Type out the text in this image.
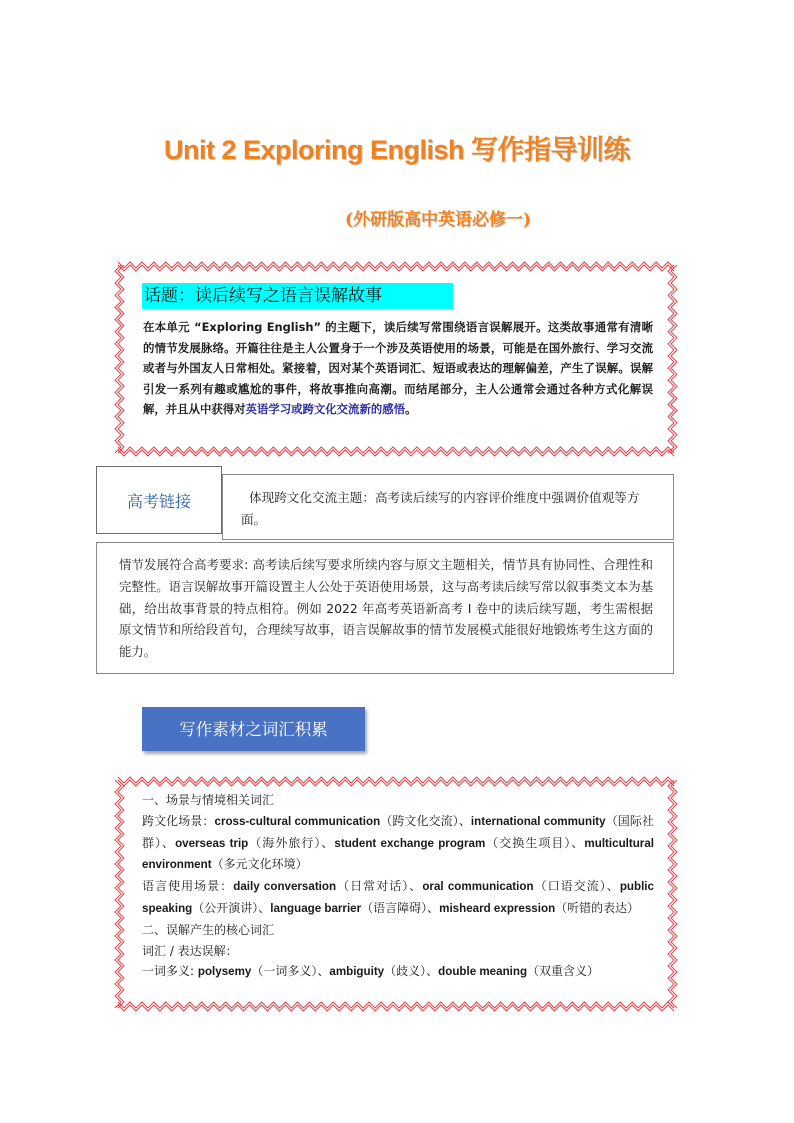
Unit 2 Exploring English 写作指导训练
(外研版高中英语必修一)
话题：读后续写之语言误解故事
在本单元 “Exploring English” 的主题下，读后续写常围绕语言误解展开。这类故事通常有清晰的情节发展脉络。开篇往往是主人公置身于一个涉及英语使用的场景，可能是在国外旅行、学习交流或者与外国友人日常相处。紧接着，因对某个英语词汇、短语或表达的理解偏差，产生了误解。误解引发一系列有趣或尴尬的事件，将故事推向高潮。而结尾部分，主人公通常会通过各种方式化解误解，并且从中获得对英语学习或跨文化交流新的感悟。
高考链接	体现跨文化交流主题：高考读后续写的内容评价维度中强调价值观等方面。
情节发展符合高考要求: 高考读后续写要求所续内容与原文主题相关，情节具有协同性、合理性和完整性。语言误解故事开篇设置主人公处于英语使用场景，这与高考读后续写常以叙事类文本为基础，给出故事背景的特点相符。例如 2022 年高考英语新高考 I 卷中的读后续写题，考生需根据原文情节和所给段首句，合理续写故事，语言误解故事的情节发展模式能很好地锻炼考生这方面的能力。
写作素材之词汇积累

一、场景与情境相关词汇

跨文化场景：cross-cultural communication（跨文化交流）、international community（国际社群）、overseas trip（海外旅行）、student exchange program（交换生项目）、multicultural environment（多元文化环境）

语言使用场景：daily conversation（日常对话）、oral communication（口语交流）、public speaking（公开演讲）、language barrier（语言障碍）、misheard expression（听错的表达）

二、误解产生的核心词汇

词汇 / 表达误解：

一词多义: polysemy（一词多义）、ambiguity（歧义）、double meaning（双重含义）
